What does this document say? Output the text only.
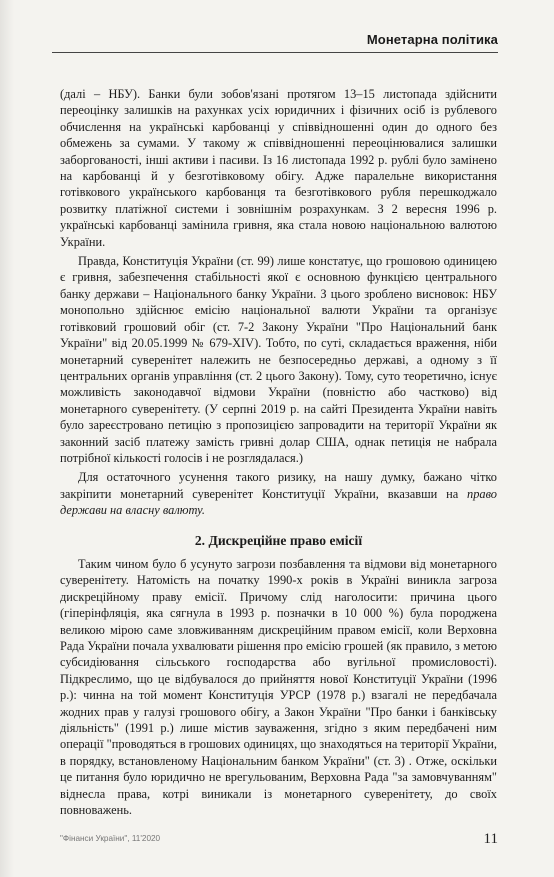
Монетарна політика

(далі – НБУ). Банки були зобов'язані протягом 13–15 листопада здійснити переоцінку залишків на рахунках усіх юридичних і фізичних осіб із рублевого обчислення на українські карбованці у співвідношенні один до одного без обмежень за сумами. У такому ж співвідношенні переоцінювалися залишки заборгованості, інші активи і пасиви. Із 16 листопада 1992 р. рублі було замінено на карбованці й у безготівковому обігу. Адже паралельне використання готівкового українського карбованця та безготівкового рубля перешкоджало розвитку платіжної системи і зовнішнім розрахункам. З 2 вересня 1996 р. українські карбованці замінила гривня, яка стала новою національною валютою України.

Правда, Конституція України (ст. 99) лише констатує, що грошовою одиницею є гривня, забезпечення стабільності якої є основною функцією центрального банку держави – Національного банку України. З цього зроблено висновок: НБУ монопольно здійснює емісію національної валюти України та організує готівковий грошовий обіг (ст. 7-2 Закону України "Про Національний банк України" від 20.05.1999 № 679-XIV). Тобто, по суті, складається враження, ніби монетарний суверенітет належить не безпосередньо державі, а одному з її центральних органів управління (ст. 2 цього Закону). Тому, суто теоретично, існує можливість законодавчої відмови України (повністю або частково) від монетарного суверенітету. (У серпні 2019 р. на сайті Президента України навіть було зареєстровано петицію з пропозицією запровадити на території України як законний засіб платежу замість гривні долар США, однак петиція не набрала потрібної кількості голосів і не розглядалася.)

Для остаточного усунення такого ризику, на нашу думку, бажано чітко закріпити монетарний суверенітет Конституції України, вказавши на право держави на власну валюту.

2. Дискреційне право емісії

Таким чином було б усунуто загрози позбавлення та відмови від монетарного суверенітету. Натомість на початку 1990-х років в Україні виникла загроза дискреційному праву емісії. Причому слід наголосити: причина цього (гіперінфляція, яка сягнула в 1993 р. позначки в 10 000 %) була породжена великою мірою саме зловживанням дискреційним правом емісії, коли Верховна Рада України почала ухвалювати рішення про емісію грошей (як правило, з метою субсидіювання сільського господарства або вугільної промисловості). Підкреслимо, що це відбувалося до прийняття нової Конституції України (1996 р.): чинна на той момент Конституція УРСР (1978 р.) взагалі не передбачала жодних прав у галузі грошового обігу, а Закон України "Про банки і банківську діяльність" (1991 р.) лише містив зауваження, згідно з яким передбачені ним операції "проводяться в грошових одиницях, що знаходяться на території України, в порядку, встановленому Національним банком України" (ст. 3) . Отже, оскільки це питання було юридично не врегульованим, Верховна Рада "за замовчуванням" віднесла права, котрі виникали із монетарного суверенітету, до своїх повноважень.

"Фінанси України", 11'2020	11
